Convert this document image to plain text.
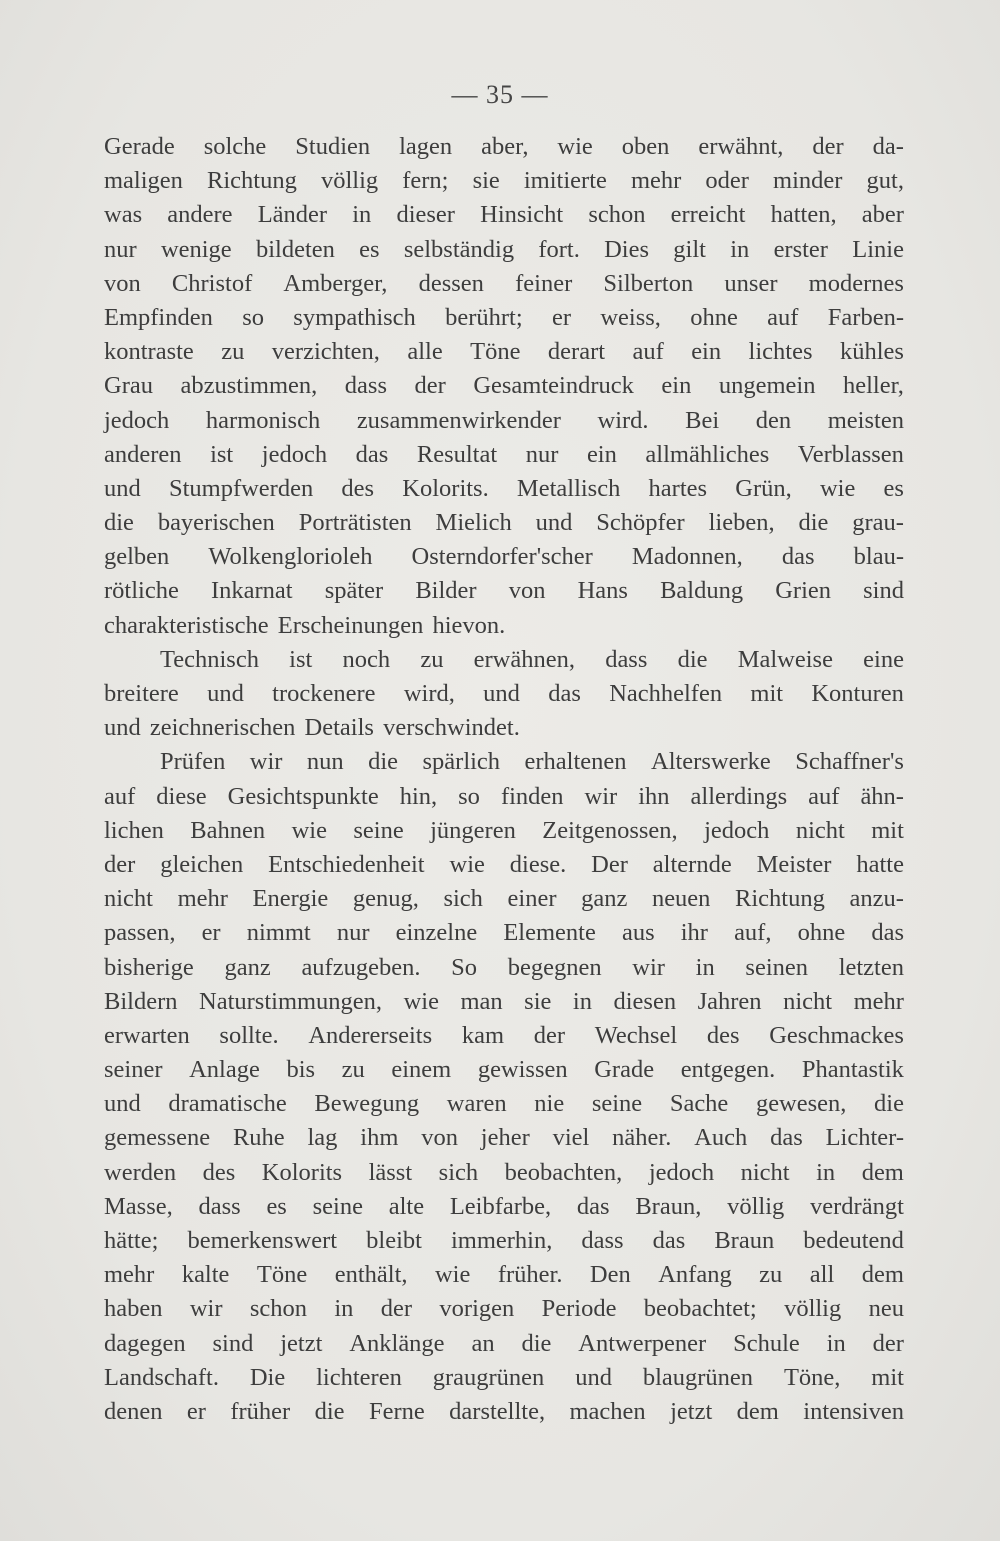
— 35 —
Gerade solche Studien lagen aber, wie oben erwähnt, der da-
maligen Richtung völlig fern; sie imitierte mehr oder minder gut,
was andere Länder in dieser Hinsicht schon erreicht hatten, aber
nur wenige bildeten es selbständig fort. Dies gilt in erster Linie
von Christof Amberger, dessen feiner Silberton unser modernes
Empfinden so sympathisch berührt; er weiss, ohne auf Farben-
kontraste zu verzichten, alle Töne derart auf ein lichtes kühles
Grau abzustimmen, dass der Gesamteindruck ein ungemein heller,
jedoch harmonisch zusammenwirkender wird. Bei den meisten
anderen ist jedoch das Resultat nur ein allmähliches Verblassen
und Stumpfwerden des Kolorits. Metallisch hartes Grün, wie es
die bayerischen Porträtisten Mielich und Schöpfer lieben, die grau-
gelben Wolkenglorioleh Osterndorfer'scher Madonnen, das blau-
rötliche Inkarnat später Bilder von Hans Baldung Grien sind
charakteristische Erscheinungen hievon.
Technisch ist noch zu erwähnen, dass die Malweise eine
breitere und trockenere wird, und das Nachhelfen mit Konturen
und zeichnerischen Details verschwindet.
Prüfen wir nun die spärlich erhaltenen Alterswerke Schaffner's
auf diese Gesichtspunkte hin, so finden wir ihn allerdings auf ähn-
lichen Bahnen wie seine jüngeren Zeitgenossen, jedoch nicht mit
der gleichen Entschiedenheit wie diese. Der alternde Meister hatte
nicht mehr Energie genug, sich einer ganz neuen Richtung anzu-
passen, er nimmt nur einzelne Elemente aus ihr auf, ohne das
bisherige ganz aufzugeben. So begegnen wir in seinen letzten
Bildern Naturstimmungen, wie man sie in diesen Jahren nicht mehr
erwarten sollte. Andererseits kam der Wechsel des Geschmackes
seiner Anlage bis zu einem gewissen Grade entgegen. Phantastik
und dramatische Bewegung waren nie seine Sache gewesen, die
gemessene Ruhe lag ihm von jeher viel näher. Auch das Lichter-
werden des Kolorits lässt sich beobachten, jedoch nicht in dem
Masse, dass es seine alte Leibfarbe, das Braun, völlig verdrängt
hätte; bemerkenswert bleibt immerhin, dass das Braun bedeutend
mehr kalte Töne enthält, wie früher. Den Anfang zu all dem
haben wir schon in der vorigen Periode beobachtet; völlig neu
dagegen sind jetzt Anklänge an die Antwerpener Schule in der
Landschaft. Die lichteren graugrünen und blaugrünen Töne, mit
denen er früher die Ferne darstellte, machen jetzt dem intensiven
